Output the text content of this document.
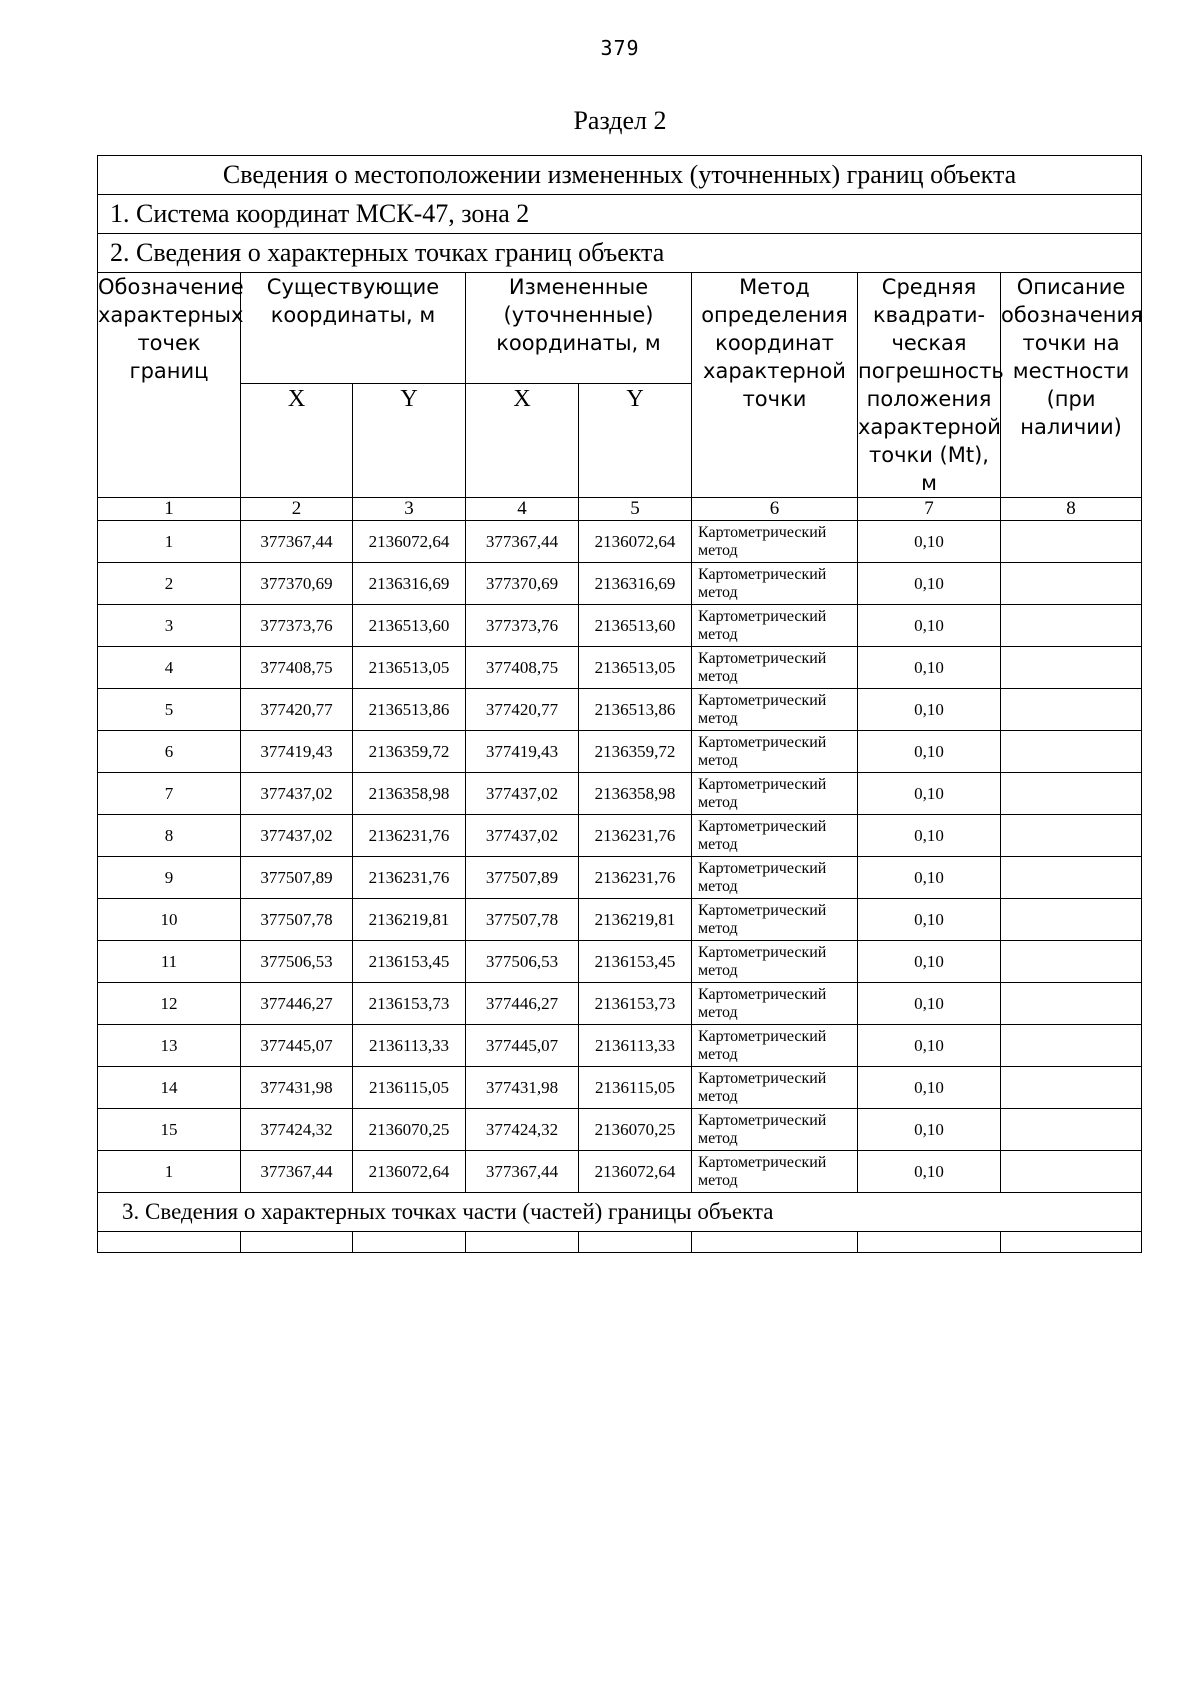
379
Раздел 2
Сведения о местоположении измененных (уточненных) границ объекта							
1. Система координат МСК-47, зона 2							
2. Сведения о характерных точках границ объекта							
Обозначение характерных точек границ	Существующие координаты, м		Измененные (уточненные) координаты, м		Метод определения координат характерной точки	Средняя квадрати- ческая погрешность положения характерной точки (Mt), м	Описание обозначения точки на местности (при наличии)
	X	Y	X	Y			
1	2	3	4	5	6	7	8
1	377367,44	2136072,64	377367,44	2136072,64	Картометрический метод	0,10	
2	377370,69	2136316,69	377370,69	2136316,69	Картометрический метод	0,10	
3	377373,76	2136513,60	377373,76	2136513,60	Картометрический метод	0,10	
4	377408,75	2136513,05	377408,75	2136513,05	Картометрический метод	0,10	
5	377420,77	2136513,86	377420,77	2136513,86	Картометрический метод	0,10	
6	377419,43	2136359,72	377419,43	2136359,72	Картометрический метод	0,10	
7	377437,02	2136358,98	377437,02	2136358,98	Картометрический метод	0,10	
8	377437,02	2136231,76	377437,02	2136231,76	Картометрический метод	0,10	
9	377507,89	2136231,76	377507,89	2136231,76	Картометрический метод	0,10	
10	377507,78	2136219,81	377507,78	2136219,81	Картометрический метод	0,10	
11	377506,53	2136153,45	377506,53	2136153,45	Картометрический метод	0,10	
12	377446,27	2136153,73	377446,27	2136153,73	Картометрический метод	0,10	
13	377445,07	2136113,33	377445,07	2136113,33	Картометрический метод	0,10	
14	377431,98	2136115,05	377431,98	2136115,05	Картометрический метод	0,10	
15	377424,32	2136070,25	377424,32	2136070,25	Картометрический метод	0,10	
1	377367,44	2136072,64	377367,44	2136072,64	Картометрический метод	0,10	
3. Сведения о характерных точках части (частей) границы объекта							
